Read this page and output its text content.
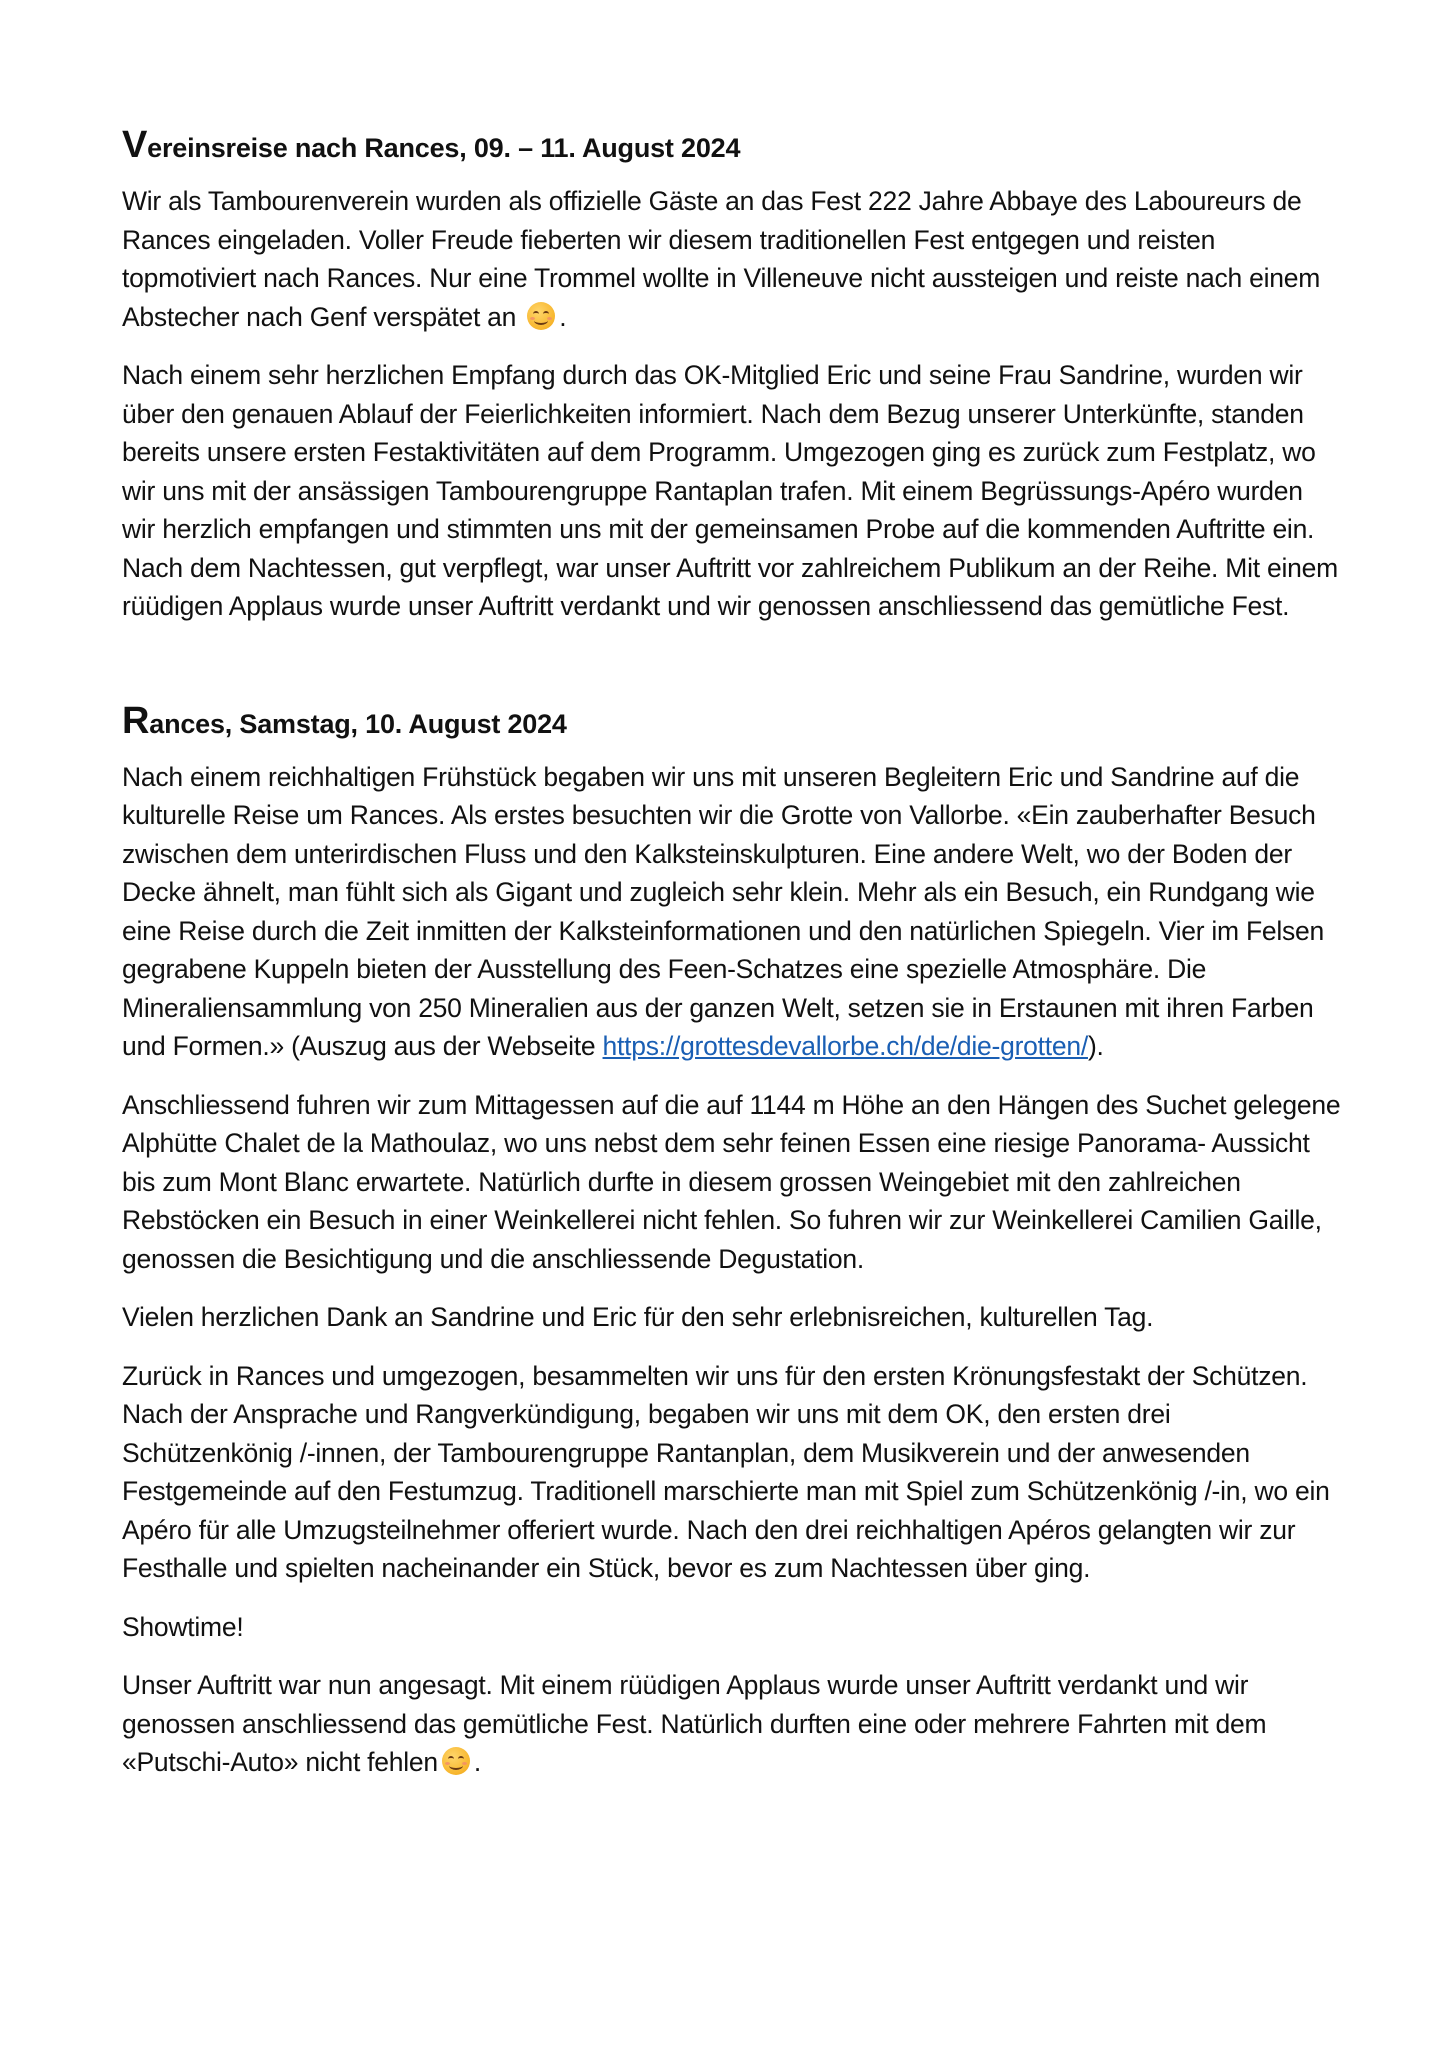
Vereinsreise nach Rances, 09. – 11. August 2024

Wir als Tambourenverein wurden als offizielle Gäste an das Fest 222 Jahre Abbaye des Laboureurs de Rances eingeladen. Voller Freude fieberten wir diesem traditionellen Fest entgegen und reisten topmotiviert nach Rances. Nur eine Trommel wollte in Villeneuve nicht aussteigen und reiste nach einem Abstecher nach Genf verspätet an .

Nach einem sehr herzlichen Empfang durch das OK-Mitglied Eric und seine Frau Sandrine, wurden wir über den genauen Ablauf der Feierlichkeiten informiert. Nach dem Bezug unserer Unterkünfte, standen bereits unsere ersten Festaktivitäten auf dem Programm. Umgezogen ging es zurück zum Festplatz, wo wir uns mit der ansässigen Tambourengruppe Rantaplan trafen. Mit einem Begrüssungs-Apéro wurden wir herzlich empfangen und stimmten uns mit der gemeinsamen Probe auf die kommenden Auftritte ein. Nach dem Nachtessen, gut verpflegt, war unser Auftritt vor zahlreichem Publikum an der Reihe. Mit einem rüüdigen Applaus wurde unser Auftritt verdankt und wir genossen anschliessend das gemütliche Fest.

Rances, Samstag, 10. August 2024

Nach einem reichhaltigen Frühstück begaben wir uns mit unseren Begleitern Eric und Sandrine auf die kulturelle Reise um Rances. Als erstes besuchten wir die Grotte von Vallorbe. «Ein zauberhafter Besuch zwischen dem unterirdischen Fluss und den Kalksteinskulpturen. Eine andere Welt, wo der Boden der Decke ähnelt, man fühlt sich als Gigant und zugleich sehr klein. Mehr als ein Besuch, ein Rundgang wie eine Reise durch die Zeit inmitten der Kalksteinformationen und den natürlichen Spiegeln. Vier im Felsen gegrabene Kuppeln bieten der Ausstellung des Feen-Schatzes eine spezielle Atmosphäre. Die Mineraliensammlung von 250 Mineralien aus der ganzen Welt, setzen sie in Erstaunen mit ihren Farben und Formen.» (Auszug aus der Webseite https://grottesdevallorbe.ch/de/die-grotten/).

Anschliessend fuhren wir zum Mittagessen auf die auf 1144 m Höhe an den Hängen des Suchet gelegene Alphütte Chalet de la Mathoulaz, wo uns nebst dem sehr feinen Essen eine riesige Panorama- Aussicht bis zum Mont Blanc erwartete. Natürlich durfte in diesem grossen Weingebiet mit den zahlreichen Rebstöcken ein Besuch in einer Weinkellerei nicht fehlen. So fuhren wir zur Weinkellerei Camilien Gaille, genossen die Besichtigung und die anschliessende Degustation.

Vielen herzlichen Dank an Sandrine und Eric für den sehr erlebnisreichen, kulturellen Tag.

Zurück in Rances und umgezogen, besammelten wir uns für den ersten Krönungsfestakt der Schützen. Nach der Ansprache und Rangverkündigung, begaben wir uns mit dem OK, den ersten drei Schützenkönig /-innen, der Tambourengruppe Rantanplan, dem Musikverein und der anwesenden Festgemeinde auf den Festumzug. Traditionell marschierte man mit Spiel zum Schützenkönig /-in, wo ein Apéro für alle Umzugsteilnehmer offeriert wurde. Nach den drei reichhaltigen Apéros gelangten wir zur Festhalle und spielten nacheinander ein Stück, bevor es zum Nachtessen über ging.

Showtime!

Unser Auftritt war nun angesagt. Mit einem rüüdigen Applaus wurde unser Auftritt verdankt und wir genossen anschliessend das gemütliche Fest. Natürlich durften eine oder mehrere Fahrten mit dem «Putschi-Auto» nicht fehlen .
